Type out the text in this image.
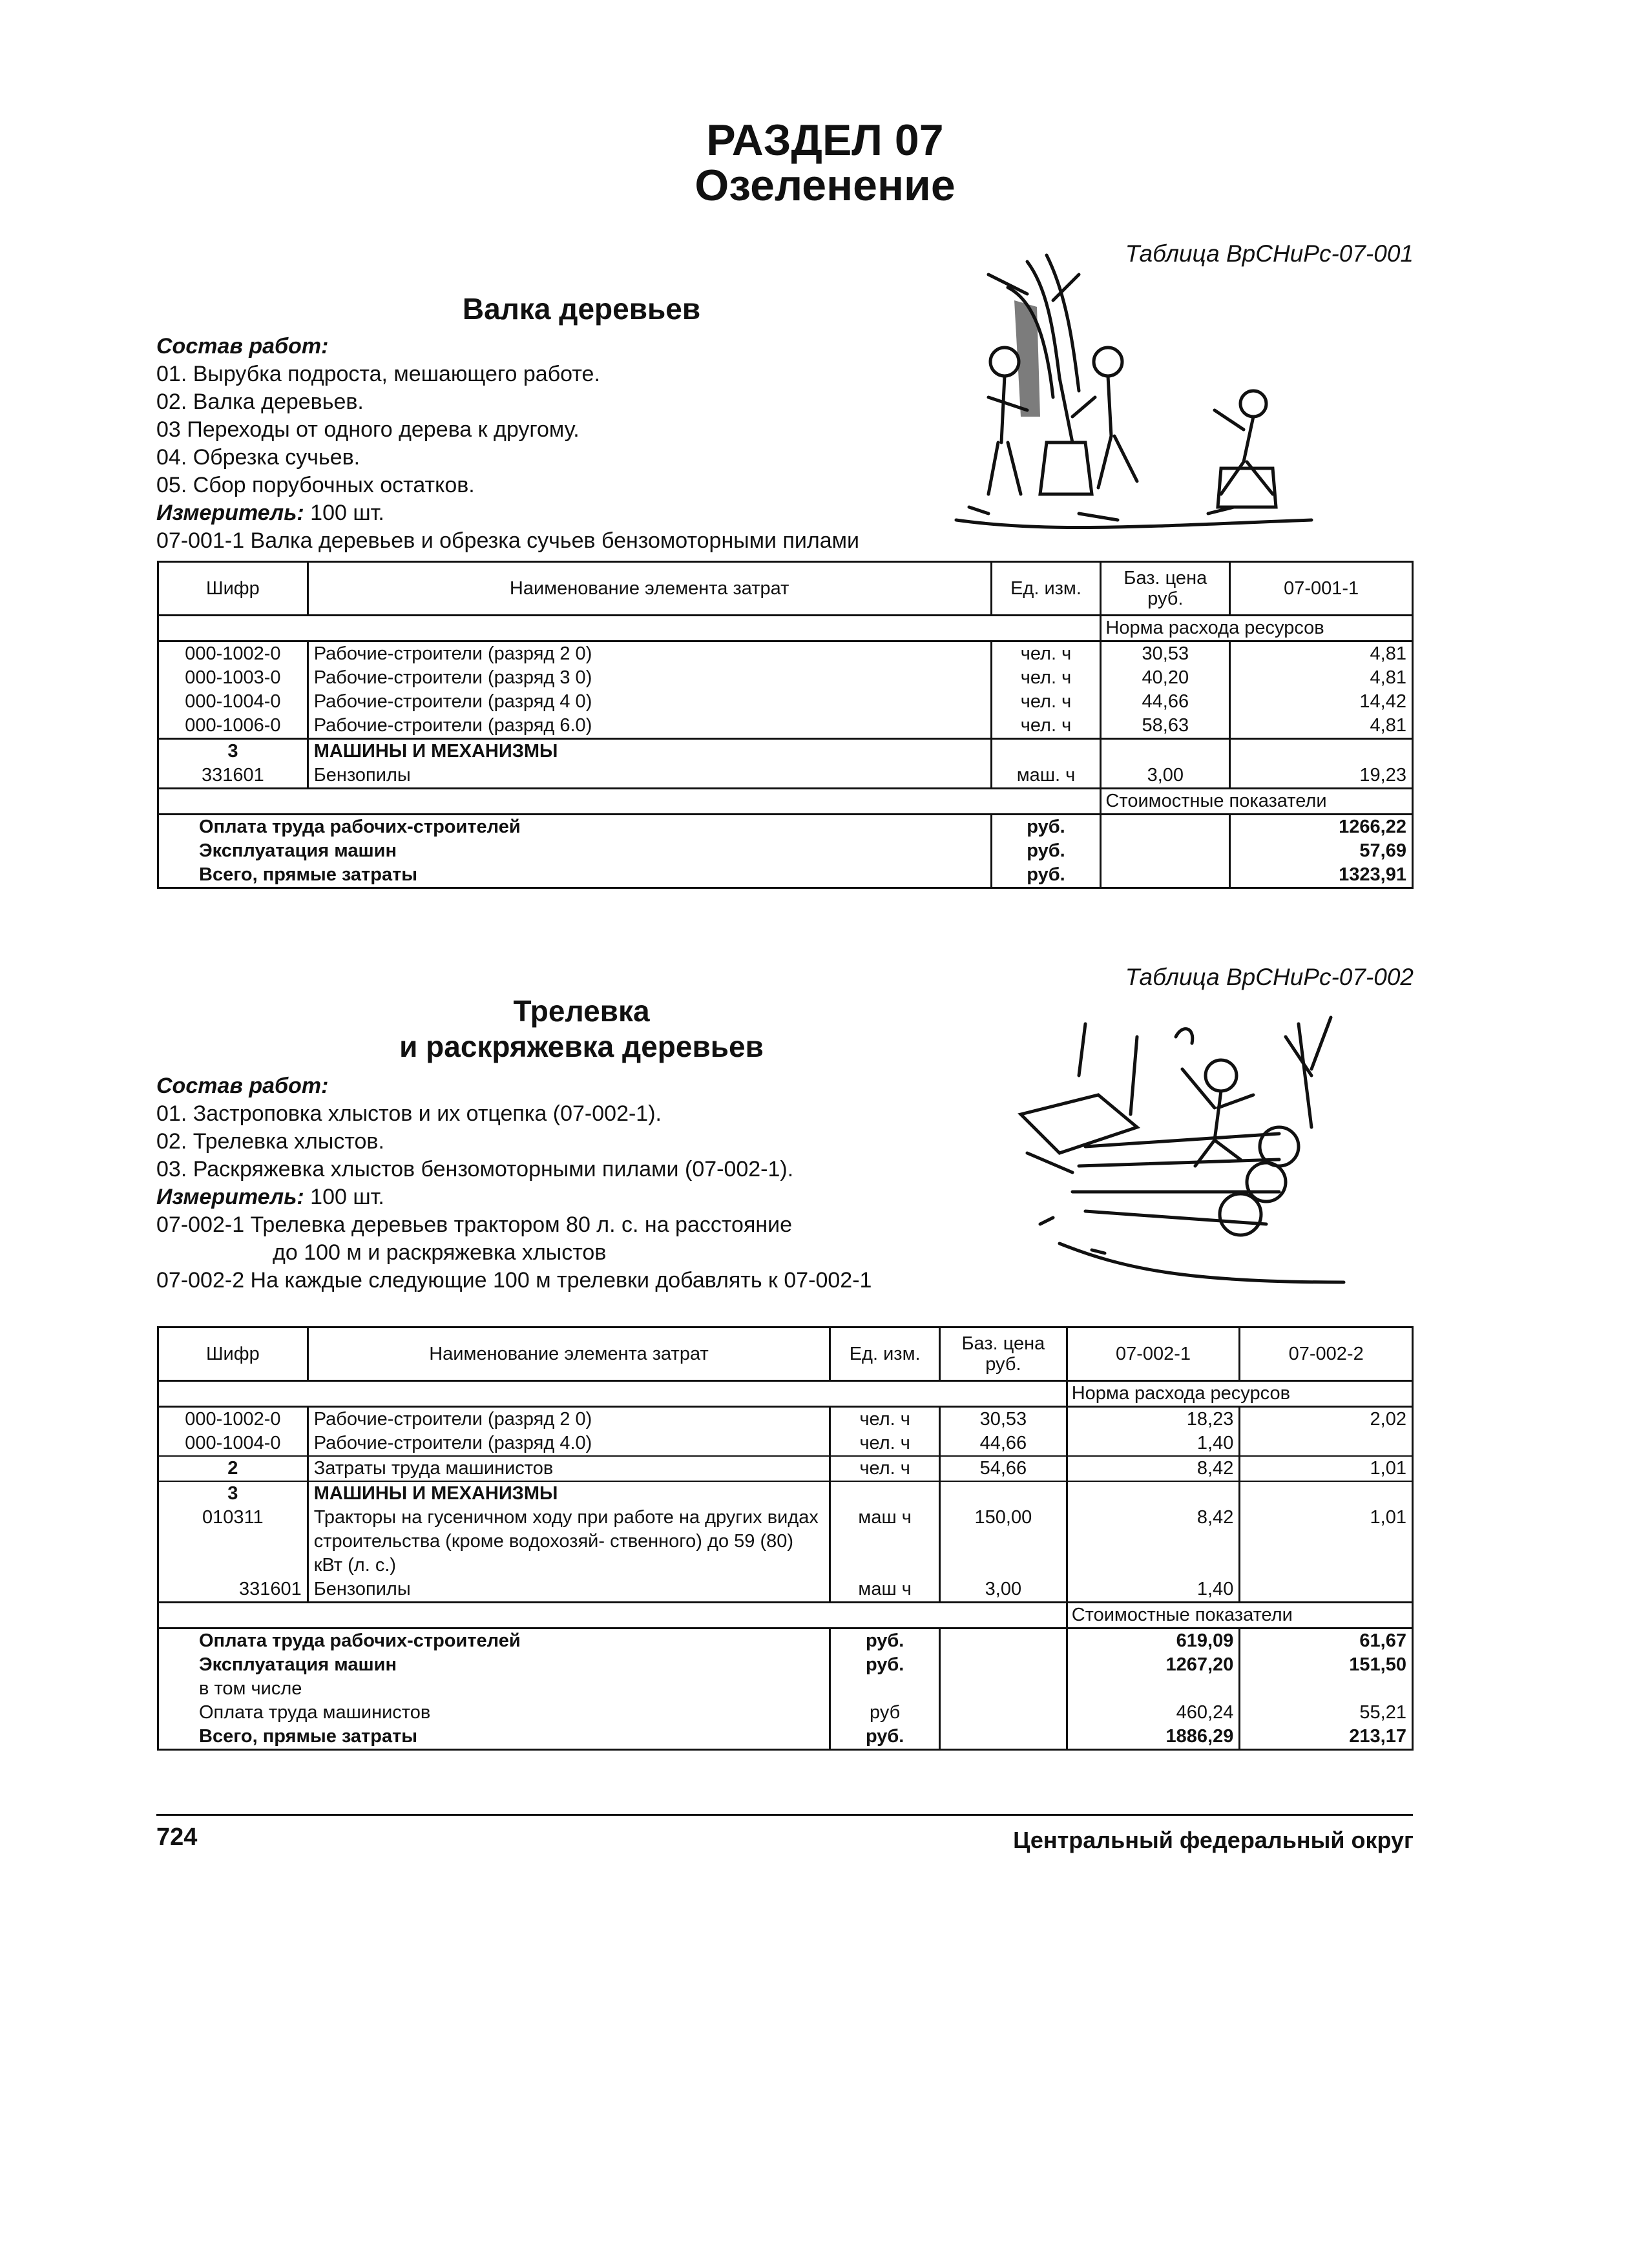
РАЗДЕЛ 07
Озеленение
Таблица ВрСНиРс-07-001
Валка деревьев
Состав работ:
01. Вырубка подроста, мешающего работе.
02. Валка деревьев.
03 Переходы от одного дерева к другому.
04. Обрезка сучьев.
05. Сбор порубочных остатков.
Измеритель: 100 шт.
07-001-1 Валка деревьев и обрезка сучьев бензомоторными пилами
Шифр	Наименование элемента затрат	Ед. изм.	Баз. цена руб.	07-001-1
			Норма расхода ресурсов	
000-1002-0	Рабочие-строители (разряд 2 0)	чел. ч	30,53	4,81
000-1003-0	Рабочие-строители (разряд 3 0)	чел. ч	40,20	4,81
000-1004-0	Рабочие-строители (разряд 4 0)	чел. ч	44,66	14,42
000-1006-0	Рабочие-строители (разряд 6.0)	чел. ч	58,63	4,81
3	МАШИНЫ И МЕХАНИЗМЫ			
331601	Бензопилы	маш. ч	3,00	19,23
			Стоимостные показатели	
Оплата труда рабочих-строителей		руб.		1266,22
Эксплуатация машин		руб.		57,69
Всего, прямые затраты		руб.		1323,91
Таблица ВрСНиРс-07-002
Трелевка
и раскряжевка деревьев
Состав работ:
01. Застроповка хлыстов и их отцепка (07-002-1).
02. Трелевка хлыстов.
03. Раскряжевка хлыстов бензомоторными пилами (07-002-1).
Измеритель: 100 шт.
07-002-1 Трелевка деревьев трактором 80 л. с. на расстояние
до 100 м и раскряжевка хлыстов
07-002-2 На каждые следующие 100 м трелевки добавлять к 07-002-1
Шифр	Наименование элемента затрат	Ед. изм.	Баз. цена руб.	07-002-1	07-002-2
				Норма расхода ресурсов	
000-1002-0	Рабочие-строители (разряд 2 0)	чел. ч	30,53	18,23	2,02
000-1004-0	Рабочие-строители (разряд 4.0)	чел. ч	44,66	1,40	
2	Затраты труда машинистов	чел. ч	54,66	8,42	1,01
3	МАШИНЫ И МЕХАНИЗМЫ				
010311	Тракторы на гусеничном ходу при работе на других видах строительства (кроме водохозяй- ственного) до 59 (80) кВт (л. с.)	маш ч	150,00	8,42	1,01
331601	Бензопилы	маш ч	3,00	1,40	
				Стоимостные показатели	
Оплата труда рабочих-строителей		руб.		619,09	61,67
Эксплуатация машин		руб.		1267,20	151,50
в том числе					
Оплата труда машинистов		руб		460,24	55,21
Всего, прямые затраты		руб.		1886,29	213,17
724	Центральный федеральный округ
